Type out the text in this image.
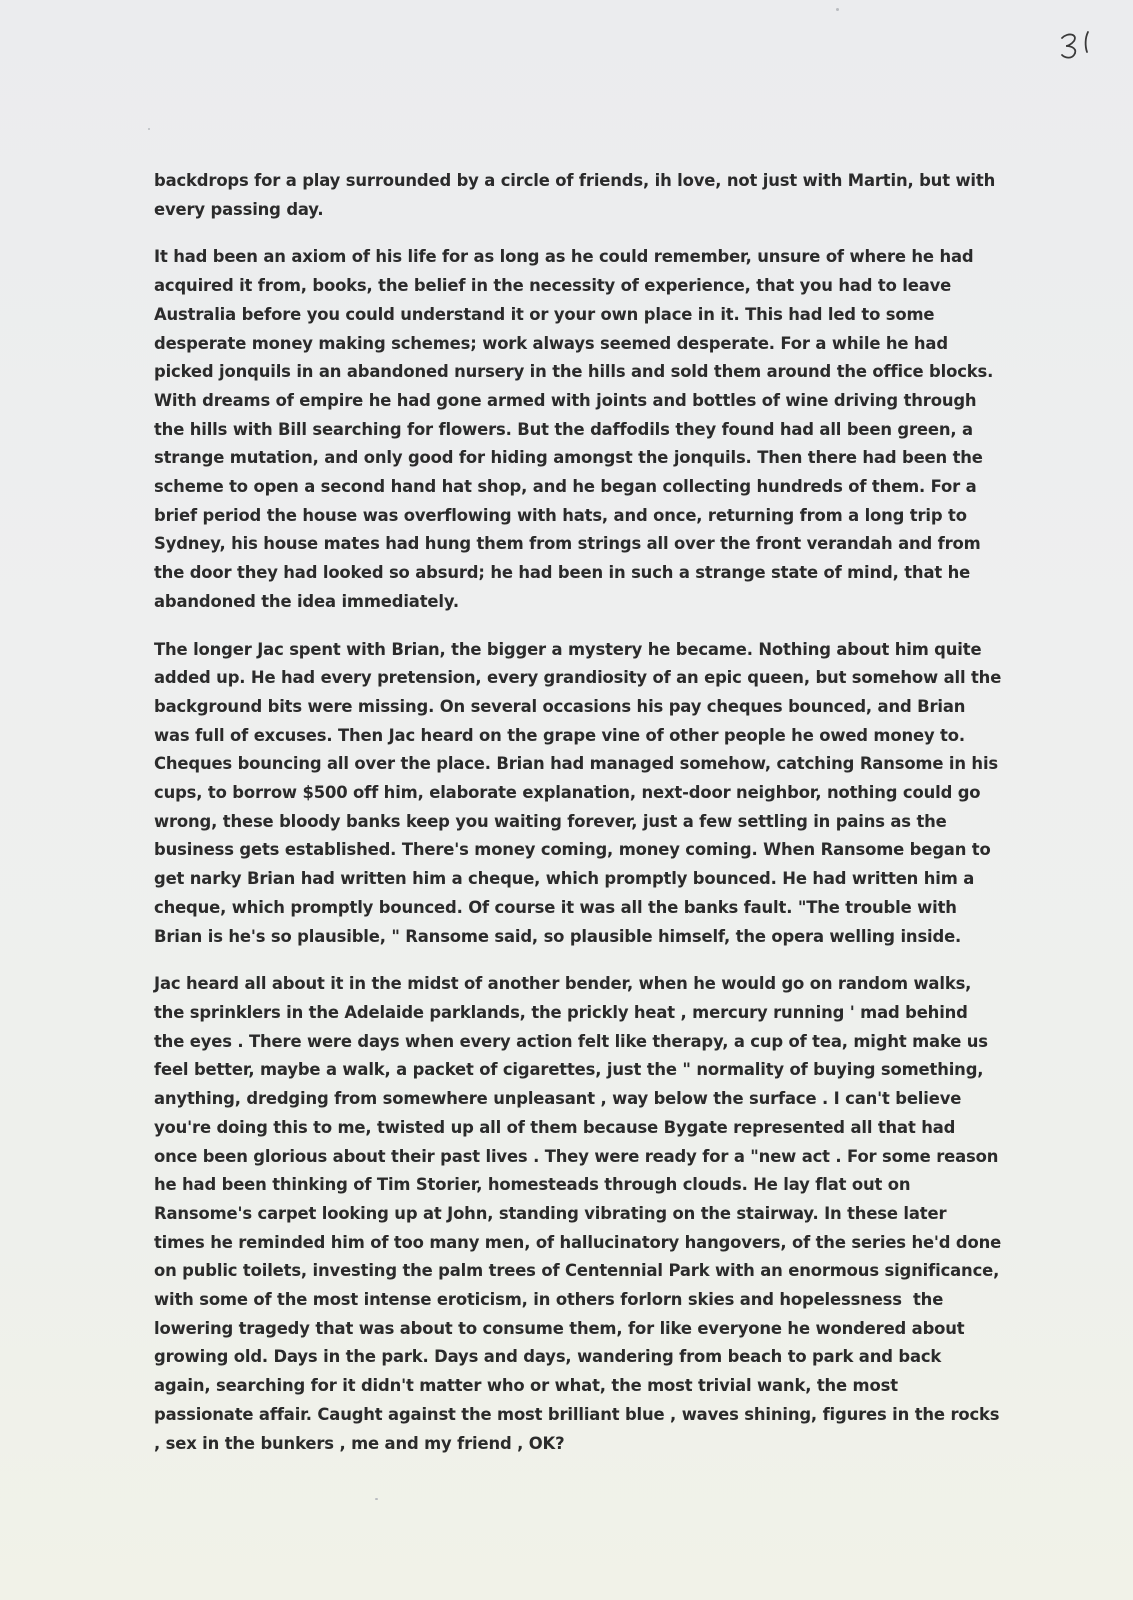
backdrops for a play surrounded by a circle of friends, ih love, not just with Martin, but with every passing day.

It had been an axiom of his life for as long as he could remember, unsure of where he had acquired it from, books, the belief in the necessity of experience, that you had to leave Australia before you could understand it or your own place in it. This had led to some desperate money making schemes; work always seemed desperate. For a while he had picked jonquils in an abandoned nursery in the hills and sold them around the office blocks. With dreams of empire he had gone armed with joints and bottles of wine driving through the hills with Bill searching for flowers. But the daffodils they found had all been green, a strange mutation, and only good for hiding amongst the jonquils. Then there had been the scheme to open a second hand hat shop, and he began collecting hundreds of them. For a brief period the house was overflowing with hats, and once, returning from a long trip to Sydney, his house mates had hung them from strings all over the front verandah and from the door they had looked so absurd; he had been in such a strange state of mind, that he abandoned the idea immediately.

The longer Jac spent with Brian, the bigger a mystery he became. Nothing about him quite added up. He had every pretension, every grandiosity of an epic queen, but somehow all the background bits were missing. On several occasions his pay cheques bounced, and Brian was full of excuses. Then Jac heard on the grape vine of other people he owed money to. Cheques bouncing all over the place. Brian had managed somehow, catching Ransome in his cups, to borrow $500 off him, elaborate explanation, next-door neighbor, nothing could go wrong, these bloody banks keep you waiting forever, just a few settling in pains as the business gets established. There's money coming, money coming. When Ransome began to get narky Brian had written him a cheque, which promptly bounced. He had written him a cheque, which promptly bounced. Of course it was all the banks fault. "The trouble with Brian is he's so plausible, " Ransome said, so plausible himself, the opera welling inside.

Jac heard all about it in the midst of another bender, when he would go on random walks, the sprinklers in the Adelaide parklands, the prickly heat , mercury running ' mad behind the eyes . There were days when every action felt like therapy, a cup of tea, might make us feel better, maybe a walk, a packet of cigarettes, just the " normality of buying something, anything, dredging from somewhere unpleasant , way below the surface . I can't believe you're doing this to me, twisted up all of them because Bygate represented all that had once been glorious about their past lives . They were ready for a "new act . For some reason he had been thinking of Tim Storier, homesteads through clouds. He lay flat out on Ransome's carpet looking up at John, standing vibrating on the stairway. In these later times he reminded him of too many men, of hallucinatory hangovers, of the series he'd done on public toilets, investing the palm trees of Centennial Park with an enormous significance, with some of the most intense eroticism, in others forlorn skies and hopelessness  the lowering tragedy that was about to consume them, for like everyone he wondered about growing old. Days in the park. Days and days, wandering from beach to park and back again, searching for it didn't matter who or what, the most trivial wank, the most passionate affair. Caught against the most brilliant blue , waves shining, figures in the rocks , sex in the bunkers , me and my friend , OK?
